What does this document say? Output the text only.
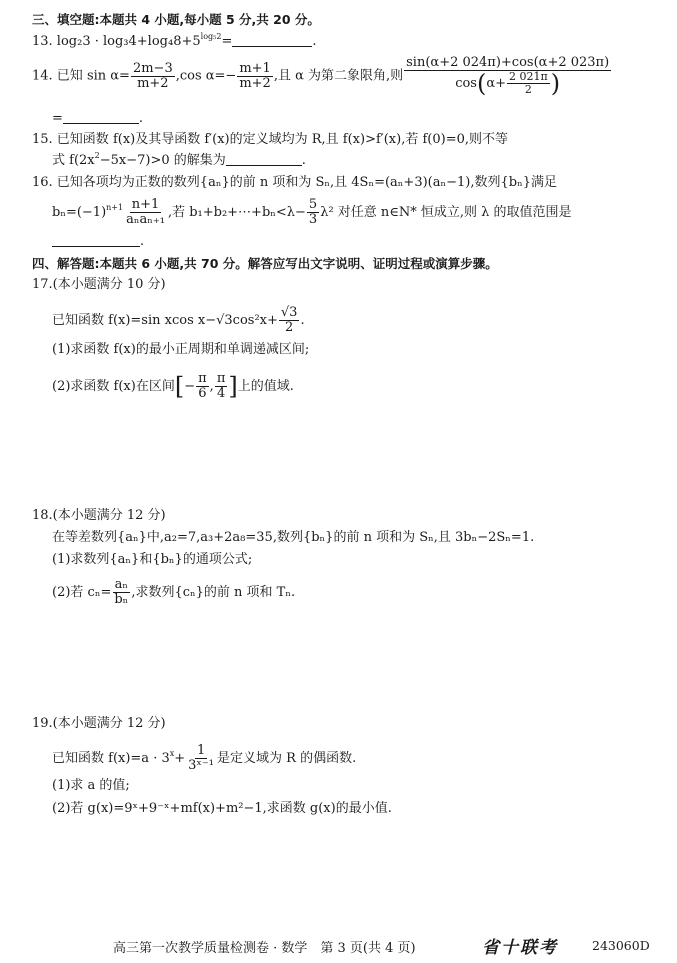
三、填空题:本题共 4 小题,每小题 5 分,共 20 分。
13. $\log_23 \cdot \log_34+\log_48+5^{log_52}=$	.
14. 已知 $\sin \alpha= \frac{2m-3}{m+2} ,\cos$ $\alpha=- \frac{m+1}{m+2}$ ,且 α 为第二象限角,则 $\frac{\sin(\alpha+2 024\pi)+\cos(\alpha+2 023\pi)}{\cos(\alpha+ \frac{2 021\pi}{2} )}$
=	.
15. 已知函数 f(x)及其导函数 f′(x)的定义域均为 R,且 f(x)>f′(x),若 f(0)=0,则不等
式 $f(2x^2-5x-7)>0$ 的解集为	.
16. 已知各项均为正数的数列{aₙ}的前 n 项和为 Sₙ,且 4Sₙ=(aₙ+3)(aₙ−1),数列{bₙ}满足
$b_n=(-1)^{n+1} \frac{n+1}{\text{aₙaₙ₊₁}}$ ,若 b₁+b₂+⋯+bₙ<λ− $\frac{5}{3} \lambda^2$ 对任意 n∈N* 恒成立,则 λ 的取值范围是
.
四、解答题:本题共 6 小题,共 70 分。解答应写出文字说明、证明过程或演算步骤。
17.(本小题满分 10 分)
已知函数 f(x)=sin xcos $x-√3\cos^2x+ \frac{√3}{2}$ .
(1)求函数 f(x)的最小正周期和单调递减区间;
(2)求函数 f(x)在区间[− $\frac{\pi}{6}$ , $\frac{\pi}{4}$ ]上的值域.
18.(本小题满分 12 分)
在等差数列{aₙ}中,a₂=7,a₃+2a₈=35,数列{bₙ}的前 n 项和为 Sₙ,且 3bₙ−2Sₙ=1.
(1)求数列{aₙ}和{bₙ}的通项公式;
(2)若 $c_n= \frac{\text{aₙ}}{\text{bₙ}}$ ,求数列{cₙ}的前 n 项和 Tₙ.
19.(本小题满分 12 分)
已知函数 $f(x)=a \cdot 3^x+ \frac{1}{\text{3ˣ⁻¹}}$ 是定义域为 R 的偶函数.
(1)求 a 的值;
(2)若 g(x)=9ˣ+9⁻ˣ+mf(x)+m²−1,求函数 g(x)的最小值.
高三第一次教学质量检测卷 · 数学　第 3 页(共 4 页)	省十联考	243060D
